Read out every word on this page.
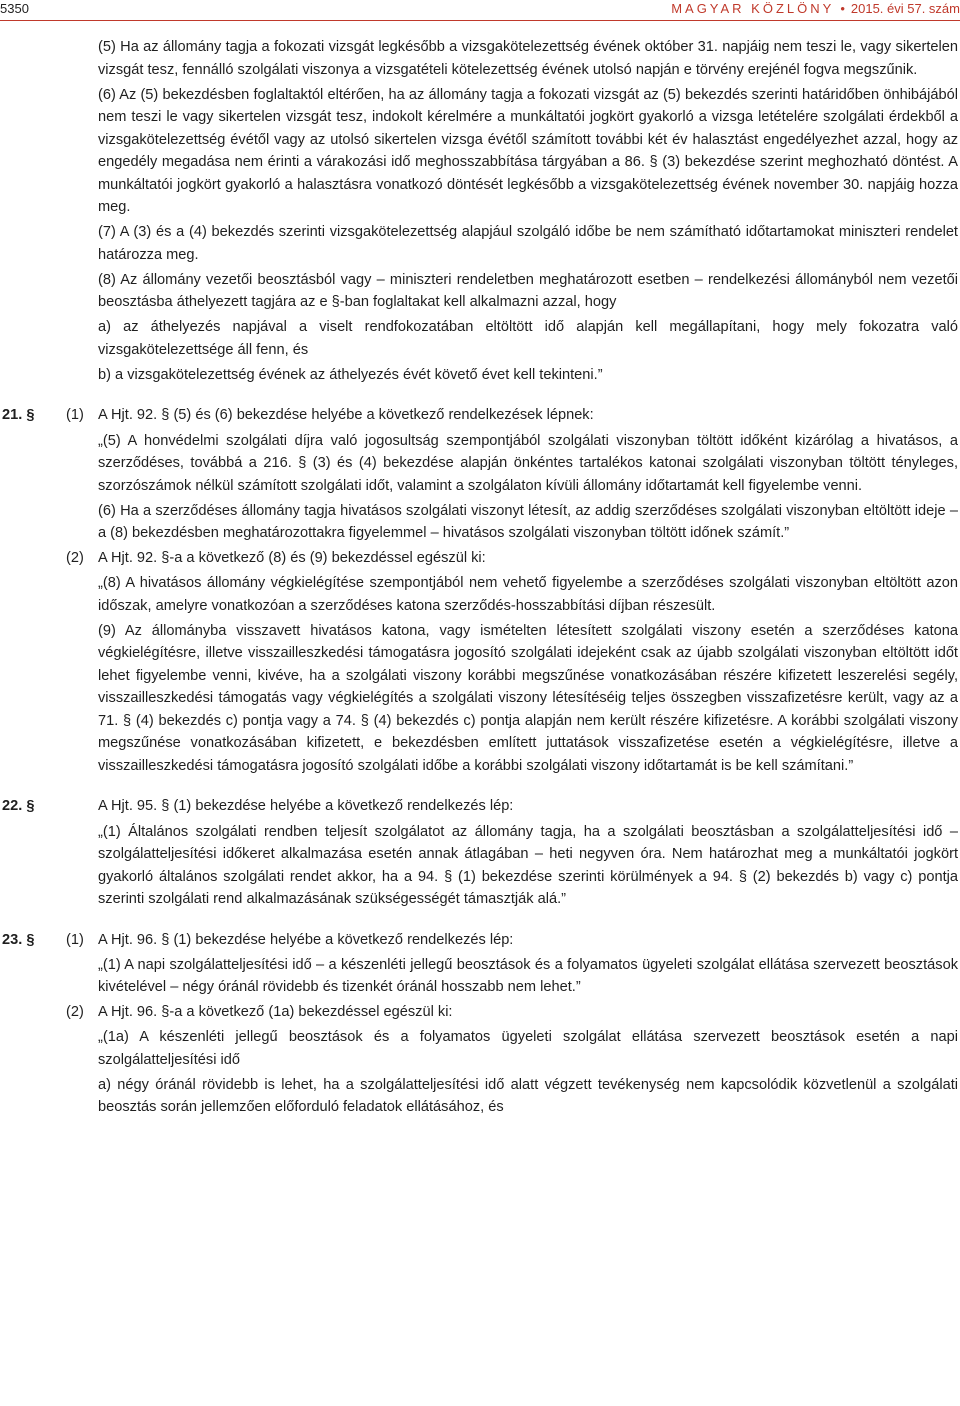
5350	MAGYAR KÖZLÖNY • 2015. évi 57. szám

(5) Ha az állomány tagja a fokozati vizsgát legkésőbb a vizsgakötelezettség évének október 31. napjáig nem teszi le, vagy sikertelen vizsgát tesz, fennálló szolgálati viszonya a vizsgatételi kötelezettség évének utolsó napján e törvény erejénél fogva megszűnik.

(6) Az (5) bekezdésben foglaltaktól eltérően, ha az állomány tagja a fokozati vizsgát az (5) bekezdés szerinti határidőben önhibájából nem teszi le vagy sikertelen vizsgát tesz, indokolt kérelmére a munkáltatói jogkört gyakorló a vizsga letételére szolgálati érdekből a vizsgakötelezettség évétől vagy az utolsó sikertelen vizsga évétől számított további két év halasztást engedélyezhet azzal, hogy az engedély megadása nem érinti a várakozási idő meghosszabbítása tárgyában a 86. § (3) bekezdése szerint meghozható döntést. A munkáltatói jogkört gyakorló a halasztásra vonatkozó döntését legkésőbb a vizsgakötelezettség évének november 30. napjáig hozza meg.

(7) A (3) és a (4) bekezdés szerinti vizsgakötelezettség alapjául szolgáló időbe be nem számítható időtartamokat miniszteri rendelet határozza meg.

(8) Az állomány vezetői beosztásból vagy – miniszteri rendeletben meghatározott esetben – rendelkezési állományból nem vezetői beosztásba áthelyezett tagjára az e §-ban foglaltakat kell alkalmazni azzal, hogy

a) az áthelyezés napjával a viselt rendfokozatában eltöltött idő alapján kell megállapítani, hogy mely fokozatra való vizsgakötelezettsége áll fenn, és

b) a vizsgakötelezettség évének az áthelyezés évét követő évet kell tekinteni.”

21. §	(1) A Hjt. 92. § (5) és (6) bekezdése helyébe a következő rendelkezések lépnek:

„(5) A honvédelmi szolgálati díjra való jogosultság szempontjából szolgálati viszonyban töltött időként kizárólag a hivatásos, a szerződéses, továbbá a 216. § (3) és (4) bekezdése alapján önkéntes tartalékos katonai szolgálati viszonyban töltött tényleges, szorzószámok nélkül számított szolgálati időt, valamint a szolgálaton kívüli állomány időtartamát kell figyelembe venni.

(6) Ha a szerződéses állomány tagja hivatásos szolgálati viszonyt létesít, az addig szerződéses szolgálati viszonyban eltöltött ideje – a (8) bekezdésben meghatározottakra figyelemmel – hivatásos szolgálati viszonyban töltött időnek számít.”

(2) A Hjt. 92. §-a a következő (8) és (9) bekezdéssel egészül ki:

„(8) A hivatásos állomány végkielégítése szempontjából nem vehető figyelembe a szerződéses szolgálati viszonyban eltöltött azon időszak, amelyre vonatkozóan a szerződéses katona szerződés-hosszabbítási díjban részesült.

(9) Az állományba visszavett hivatásos katona, vagy ismételten létesített szolgálati viszony esetén a szerződéses katona végkielégítésre, illetve visszailleszkedési támogatásra jogosító szolgálati idejeként csak az újabb szolgálati viszonyban eltöltött időt lehet figyelembe venni, kivéve, ha a szolgálati viszony korábbi megszűnése vonatkozásában részére kifizetett leszerelési segély, visszailleszkedési támogatás vagy végkielégítés a szolgálati viszony létesítéséig teljes összegben visszafizetésre került, vagy az a 71. § (4) bekezdés c) pontja vagy a 74. § (4) bekezdés c) pontja alapján nem került részére kifizetésre. A korábbi szolgálati viszony megszűnése vonatkozásában kifizetett, e bekezdésben említett juttatások visszafizetése esetén a végkielégítésre, illetve a visszailleszkedési támogatásra jogosító szolgálati időbe a korábbi szolgálati viszony időtartamát is be kell számítani.”

22. §	A Hjt. 95. § (1) bekezdése helyébe a következő rendelkezés lép:

„(1) Általános szolgálati rendben teljesít szolgálatot az állomány tagja, ha a szolgálati beosztásban a szolgálatteljesítési idő – szolgálatteljesítési időkeret alkalmazása esetén annak átlagában – heti negyven óra. Nem határozhat meg a munkáltatói jogkört gyakorló általános szolgálati rendet akkor, ha a 94. § (1) bekezdése szerinti körülmények a 94. § (2) bekezdés b) vagy c) pontja szerinti szolgálati rend alkalmazásának szükségességét támasztják alá.”

23. §	(1) A Hjt. 96. § (1) bekezdése helyébe a következő rendelkezés lép:

„(1) A napi szolgálatteljesítési idő – a készenléti jellegű beosztások és a folyamatos ügyeleti szolgálat ellátása szervezett beosztások kivételével – négy óránál rövidebb és tizenkét óránál hosszabb nem lehet.”

(2) A Hjt. 96. §-a a következő (1a) bekezdéssel egészül ki:

„(1a) A készenléti jellegű beosztások és a folyamatos ügyeleti szolgálat ellátása szervezett beosztások esetén a napi szolgálatteljesítési idő

a) négy óránál rövidebb is lehet, ha a szolgálatteljesítési idő alatt végzett tevékenység nem kapcsolódik közvetlenül a szolgálati beosztás során jellemzően előforduló feladatok ellátásához, és
